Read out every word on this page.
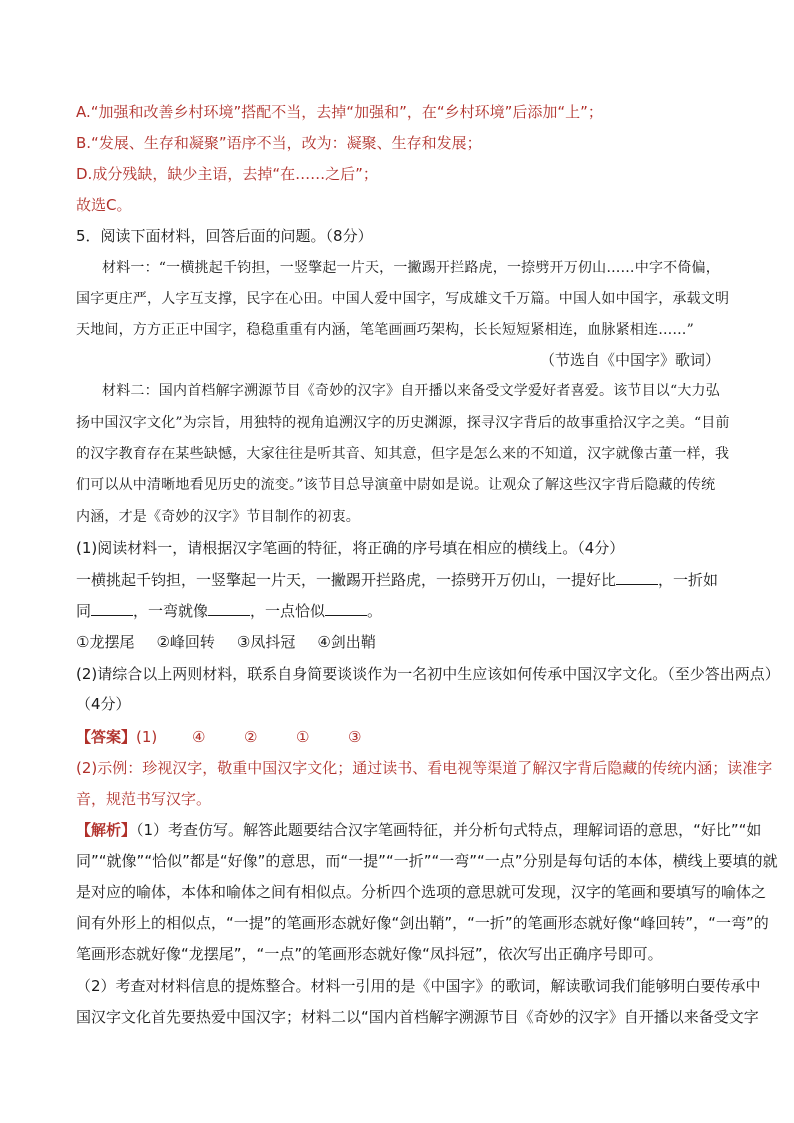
A.“加强和改善乡村环境”搭配不当，去掉“加强和”，在“乡村环境”后添加“上”；
B.“发展、生存和凝聚”语序不当，改为：凝聚、生存和发展；
D.成分残缺，缺少主语，去掉“在……之后”；
故选C。
5．阅读下面材料，回答后面的问题。（8分）
材料一：“一横挑起千钧担，一竖擎起一片天，一撇踢开拦路虎，一捺劈开万仞山……中字不倚偏，
国字更庄严，人字互支撑，民字在心田。中国人爱中国字，写成雄文千万篇。中国人如中国字，承载文明
天地间，方方正正中国字，稳稳重重有内涵，笔笔画画巧架构，长长短短紧相连，血脉紧相连……”
（节选自《中国字》歌词）
材料二：国内首档解字溯源节目《奇妙的汉字》自开播以来备受文学爱好者喜爱。该节目以“大力弘
扬中国汉字文化”为宗旨，用独特的视角追溯汉字的历史渊源，探寻汉字背后的故事重拾汉字之美。“目前
的汉字教育存在某些缺憾，大家往往是听其音、知其意，但字是怎么来的不知道，汉字就像古董一样，我
们可以从中清晰地看见历史的流变。”该节目总导演童中尉如是说。让观众了解这些汉字背后隐藏的传统
内涵，才是《奇妙的汉字》节目制作的初衷。
(1)阅读材料一，请根据汉字笔画的特征，将正确的序号填在相应的横线上。（4分）
一横挑起千钧担，一竖擎起一片天，一撇踢开拦路虎，一捺劈开万仞山，一提好比	，一折如
同	，一弯就像	，一点恰似	。
①龙摆尾 ②峰回转 ③凤抖冠 ④剑出鞘
(2)请综合以上两则材料，联系自身简要谈谈作为一名初中生应该如何传承中国汉字文化。（至少答出两点）
（4分）
【答案】(1) ④	②	①	③
(2)示例：珍视汉字，敬重中国汉字文化；通过读书、看电视等渠道了解汉字背后隐藏的传统内涵；读准字
音，规范书写汉字。
【解析】（1）考查仿写。解答此题要结合汉字笔画特征，并分析句式特点，理解词语的意思，“好比”“如
同”“就像”“恰似”都是“好像”的意思，而“一提”“一折”“一弯”“一点”分别是每句话的本体，横线上要填的就
是对应的喻体，本体和喻体之间有相似点。分析四个选项的意思就可发现，汉字的笔画和要填写的喻体之
间有外形上的相似点，“一提”的笔画形态就好像“剑出鞘”，“一折”的笔画形态就好像“峰回转”，“一弯”的
笔画形态就好像“龙摆尾”，“一点”的笔画形态就好像“凤抖冠”，依次写出正确序号即可。
（2）考查对材料信息的提炼整合。材料一引用的是《中国字》的歌词，解读歌词我们能够明白要传承中
国汉字文化首先要热爱中国汉字；材料二以“国内首档解字溯源节目《奇妙的汉字》自开播以来备受文字
